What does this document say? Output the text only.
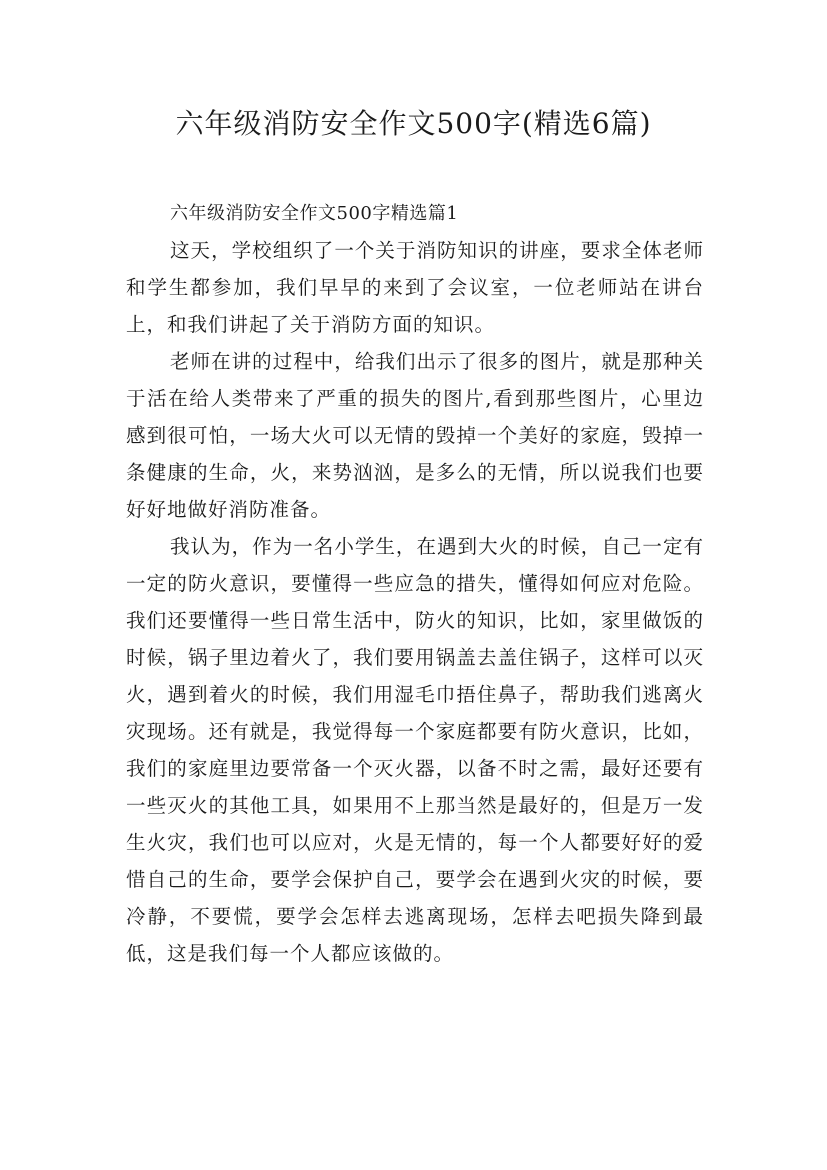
六年级消防安全作文500字(精选6篇)

六年级消防安全作文500字精选篇1

这天，学校组织了一个关于消防知识的讲座，要求全体老师和学生都参加，我们早早的来到了会议室，一位老师站在讲台上，和我们讲起了关于消防方面的知识。

老师在讲的过程中，给我们出示了很多的图片，就是那种关于活在给人类带来了严重的损失的图片,看到那些图片，心里边感到很可怕，一场大火可以无情的毁掉一个美好的家庭，毁掉一条健康的生命，火，来势汹汹，是多么的无情，所以说我们也要好好地做好消防准备。

我认为，作为一名小学生，在遇到大火的时候，自己一定有一定的防火意识，要懂得一些应急的措失，懂得如何应对危险。我们还要懂得一些日常生活中，防火的知识，比如，家里做饭的时候，锅子里边着火了，我们要用锅盖去盖住锅子，这样可以灭火，遇到着火的时候，我们用湿毛巾捂住鼻子，帮助我们逃离火灾现场。还有就是，我觉得每一个家庭都要有防火意识，比如，我们的家庭里边要常备一个灭火器，以备不时之需，最好还要有一些灭火的其他工具，如果用不上那当然是最好的，但是万一发生火灾，我们也可以应对，火是无情的，每一个人都要好好的爱惜自己的生命，要学会保护自己，要学会在遇到火灾的时候，要冷静，不要慌，要学会怎样去逃离现场，怎样去吧损失降到最低，这是我们每一个人都应该做的。
